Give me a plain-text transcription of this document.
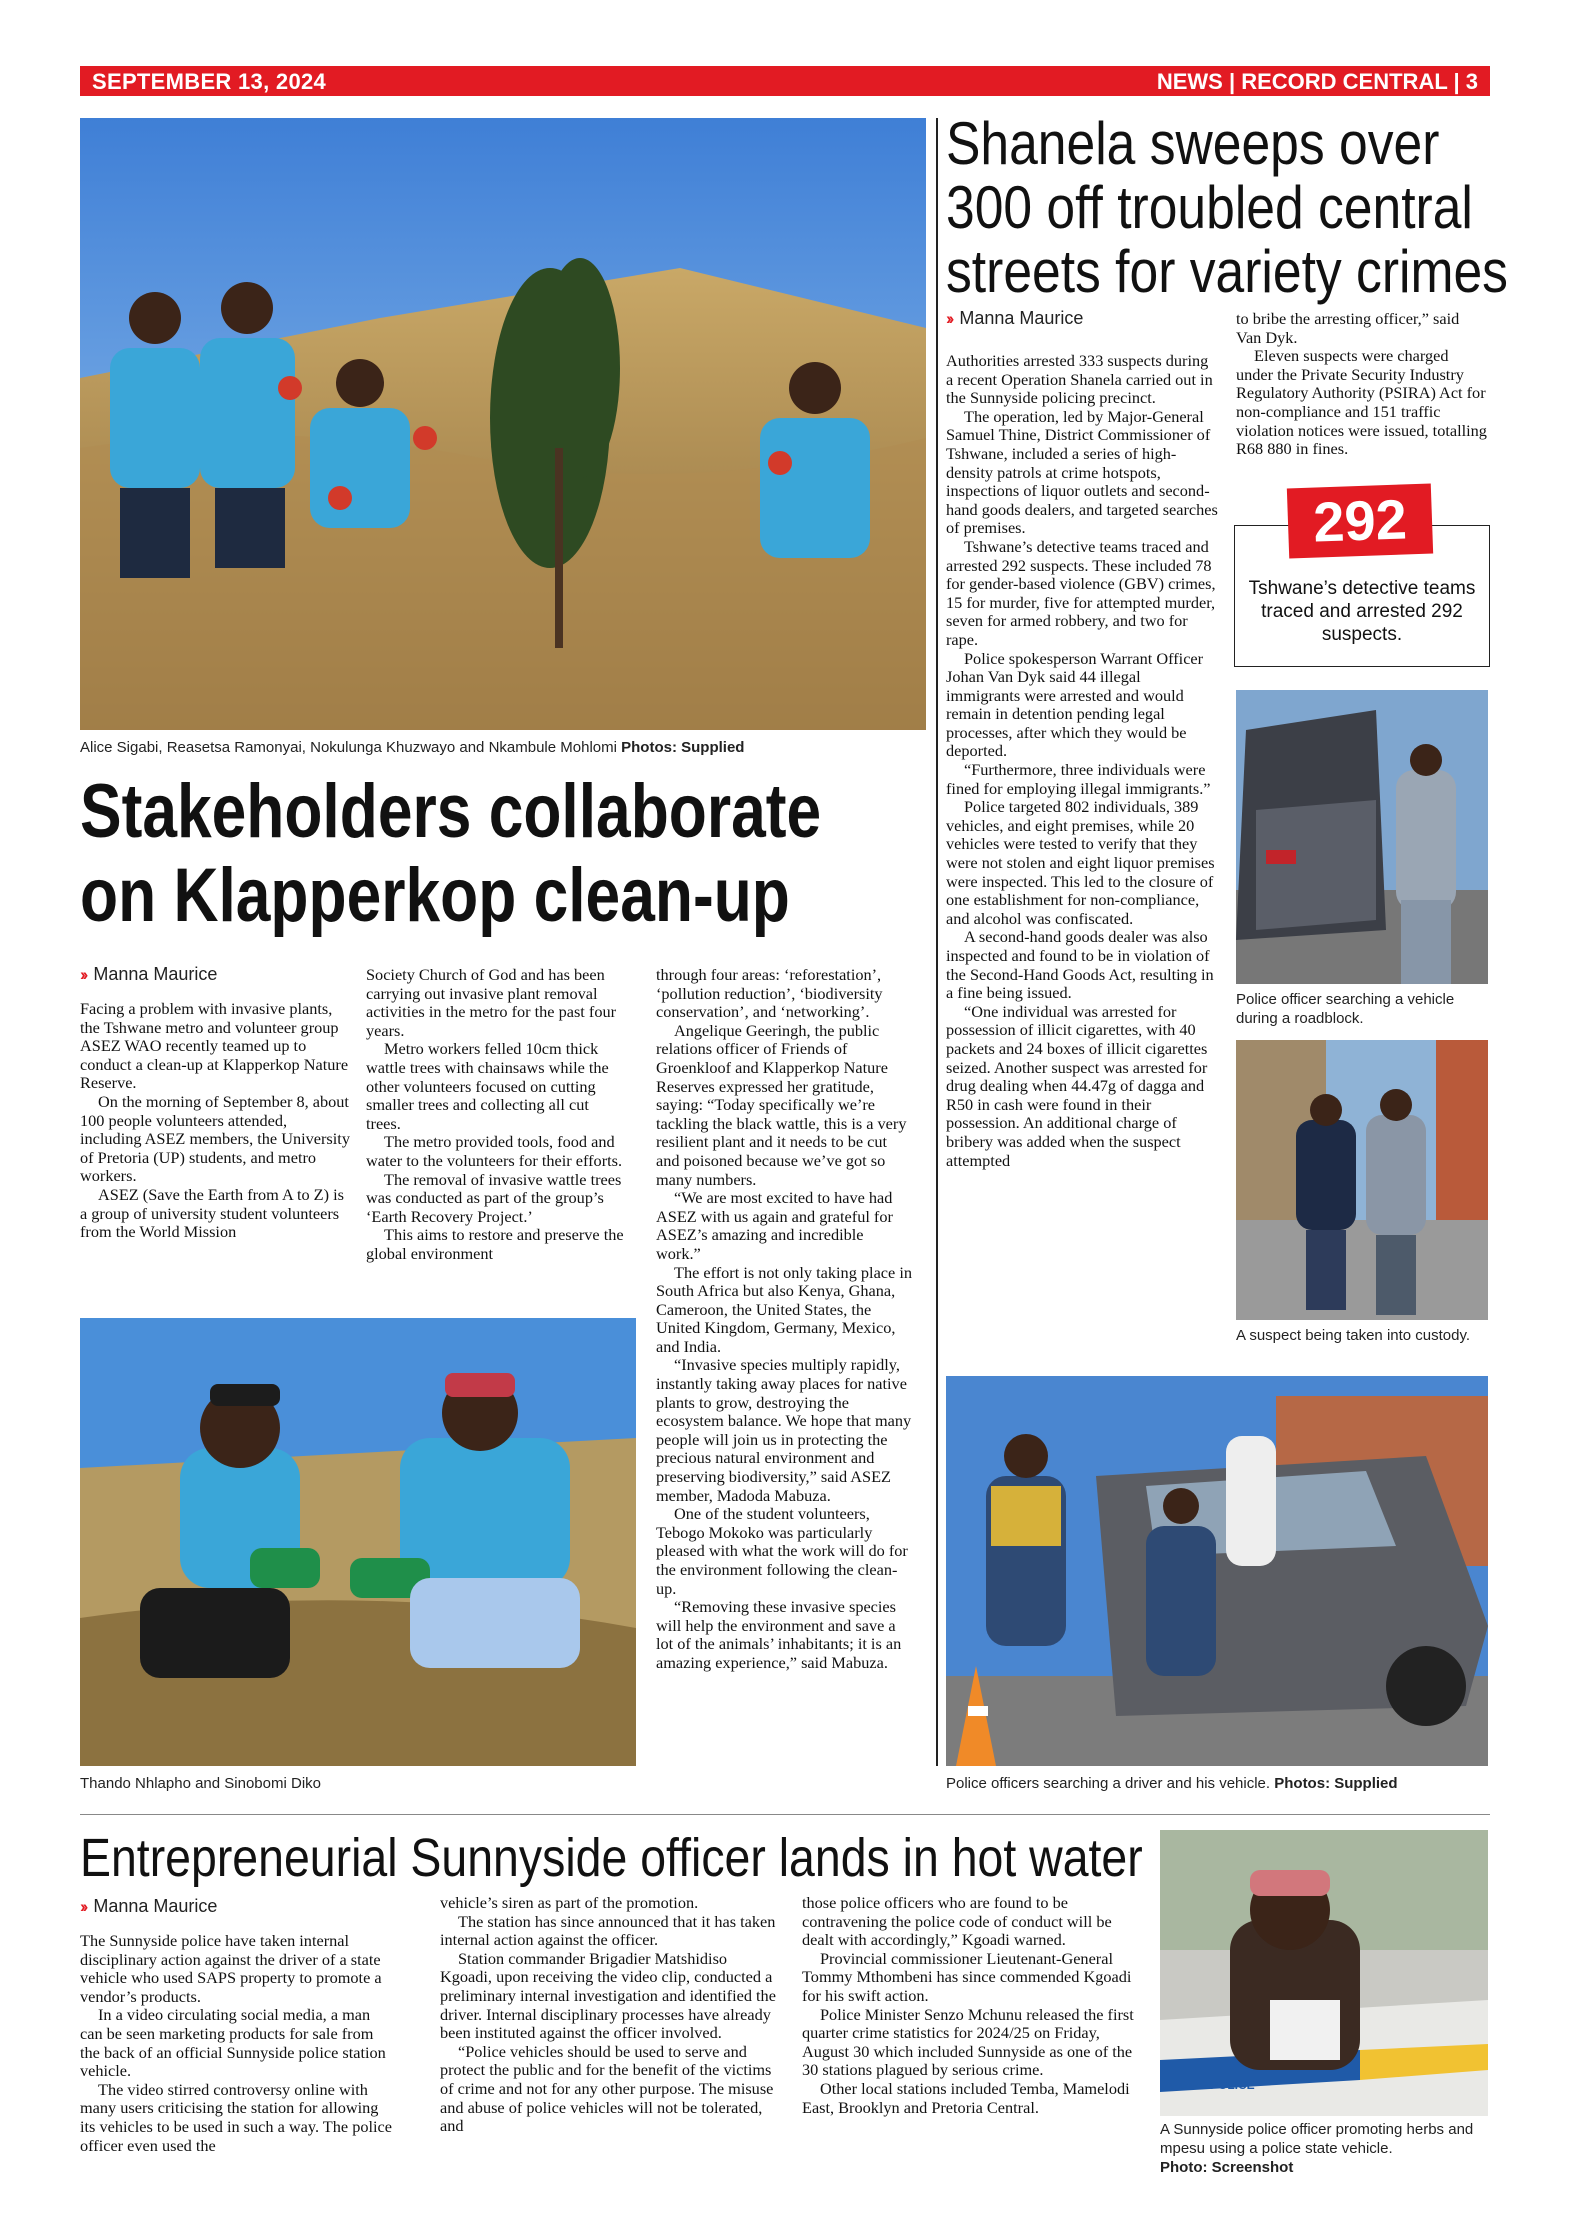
SEPTEMBER 13, 2024	NEWS | RECORD CENTRAL | 3
Alice Sigabi, Reasetsa Ramonyai, Nokulunga Khuzwayo and Nkambule Mohlomi Photos: Supplied
Stakeholders collaborate
on Klapperkop clean-up
›› Manna Maurice

Facing a problem with invasive plants, the Tshwane metro and volunteer group ASEZ WAO recently teamed up to conduct a clean-up at Klapperkop Nature Reserve.

On the morning of September 8, about 100 people volunteers attended, including ASEZ members, the University of Pretoria (UP) students, and metro workers.

ASEZ (Save the Earth from A to Z) is a group of university student volunteers from the World Mission

Society Church of God and has been carrying out invasive plant removal activities in the metro for the past four years.

Metro workers felled 10cm thick wattle trees with chainsaws while the other volunteers focused on cutting smaller trees and collecting all cut trees.

The metro provided tools, food and water to the volunteers for their efforts.

The removal of invasive wattle trees was conducted as part of the group’s ‘Earth Recovery Project.’

This aims to restore and preserve the global environment

through four areas: ‘reforestation’, ‘pollution reduction’, ‘biodiversity conservation’, and ‘networking’.

Angelique Geeringh, the public relations officer of Friends of Groenkloof and Klapperkop Nature Reserves expressed her gratitude, saying: “Today specifically we’re tackling the black wattle, this is a very resilient plant and it needs to be cut and poisoned because we’ve got so many numbers.

“We are most excited to have had ASEZ with us again and grateful for ASEZ’s amazing and incredible work.”

The effort is not only taking place in South Africa but also Kenya, Ghana, Cameroon, the United States, the United Kingdom, Germany, Mexico, and India.

“Invasive species multiply rapidly, instantly taking away places for native plants to grow, destroying the ecosystem balance. We hope that many people will join us in protecting the precious natural environment and preserving biodiversity,” said ASEZ member, Madoda Mabuza.

One of the student volunteers, Tebogo Mokoko was particularly pleased with what the work will do for the environment following the clean-up.

“Removing these invasive species will help the environment and save a lot of the animals’ inhabitants; it is an amazing experience,” said Mabuza.

Thando Nhlapho and Sinobomi Diko
Shanela sweeps over
300 off troubled central
streets for variety crimes
›› Manna Maurice

Authorities arrested 333 suspects during a recent Operation Shanela carried out in the Sunnyside policing precinct.

The operation, led by Major-General Samuel Thine, District Commissioner of Tshwane, included a series of high-density patrols at crime hotspots, inspections of liquor outlets and second-hand goods dealers, and targeted searches of premises.

Tshwane’s detective teams traced and arrested 292 suspects. These included 78 for gender-based violence (GBV) crimes, 15 for murder, five for attempted murder, seven for armed robbery, and two for rape.

Police spokesperson Warrant Officer Johan Van Dyk said 44 illegal immigrants were arrested and would remain in detention pending legal processes, after which they would be deported.

“Furthermore, three individuals were fined for employing illegal immigrants.”

Police targeted 802 individuals, 389 vehicles, and eight premises, while 20 vehicles were tested to verify that they were not stolen and eight liquor premises were inspected. This led to the closure of one establishment for non-compliance, and alcohol was confiscated.

A second-hand goods dealer was also inspected and found to be in violation of the Second-Hand Goods Act, resulting in a fine being issued.

“One individual was arrested for possession of illicit cigarettes, with 40 packets and 24 boxes of illicit cigarettes seized. Another suspect was arrested for drug dealing when 44.47g of dagga and R50 in cash were found in their possession. An additional charge of bribery was added when the suspect attempted

to bribe the arresting officer,” said Van Dyk.

Eleven suspects were charged under the Private Security Industry Regulatory Authority (PSIRA) Act for non-compliance and 151 traffic violation notices were issued, totalling R68 880 in fines.

292
Tshwane’s detective teams traced and arrested 292 suspects.
Police officer searching a vehicle during a roadblock.
A suspect being taken into custody.
Police officers searching a driver and his vehicle. Photos: Supplied
Entrepreneurial Sunnyside officer lands in hot water
›› Manna Maurice

The Sunnyside police have taken internal disciplinary action against the driver of a state vehicle who used SAPS property to promote a vendor’s products.

In a video circulating social media, a man can be seen marketing products for sale from the back of an official Sunnyside police station vehicle.

The video stirred controversy online with many users criticising the station for allowing its vehicles to be used in such a way. The police officer even used the

vehicle’s siren as part of the promotion.

The station has since announced that it has taken internal action against the officer.

Station commander Brigadier Matshidiso Kgoadi, upon receiving the video clip, conducted a preliminary internal investigation and identified the driver. Internal disciplinary processes have already been instituted against the officer involved.

“Police vehicles should be used to serve and protect the public and for the benefit of the victims of crime and not for any other purpose. The misuse and abuse of police vehicles will not be tolerated, and

those police officers who are found to be contravening the police code of conduct will be dealt with accordingly,” Kgoadi warned.

Provincial commissioner Lieutenant-General Tommy Mthombeni has since commended Kgoadi for his swift action.

Police Minister Senzo Mchunu released the first quarter crime statistics for 2024/25 on Friday, August 30 which included Sunnyside as one of the 30 stations plagued by serious crime.

Other local stations included Temba, Mamelodi East, Brooklyn and Pretoria Central.

POLICE
A Sunnyside police officer promoting herbs and mpesu using a police state vehicle.
Photo: Screenshot
